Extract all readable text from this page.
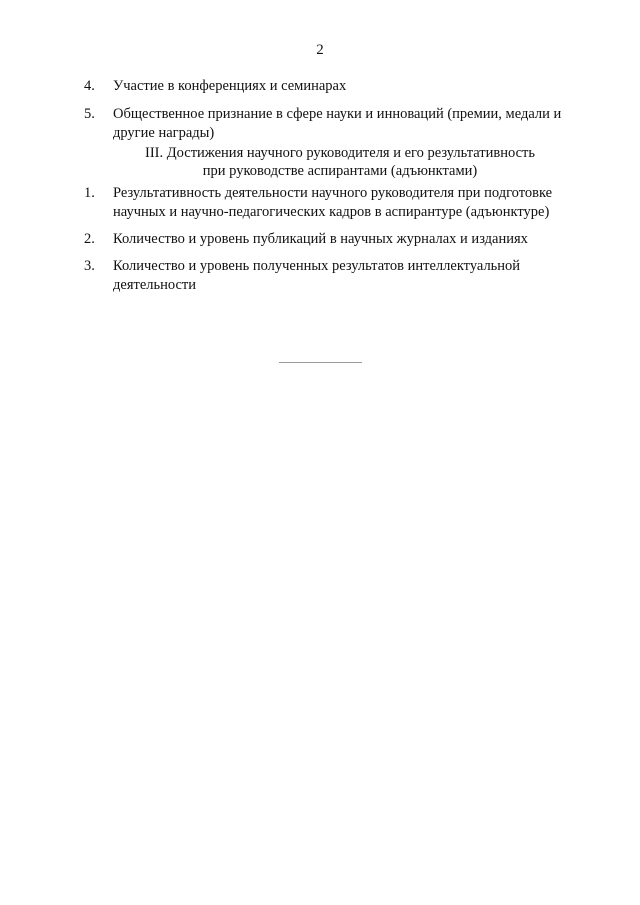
2
4.	Участие в конференциях и семинарах
5.	Общественное признание в сфере науки и инноваций (премии, медали и другие награды)
III. Достижения научного руководителя и его результативность
при руководстве аспирантами (адъюнктами)
1.	Результативность деятельности научного руководителя при подготовке научных и научно-педагогических кадров в аспирантуре (адъюнктуре)
2.	Количество и уровень публикаций в научных журналах и изданиях
3.	Количество и уровень полученных результатов интеллектуальной деятельности
